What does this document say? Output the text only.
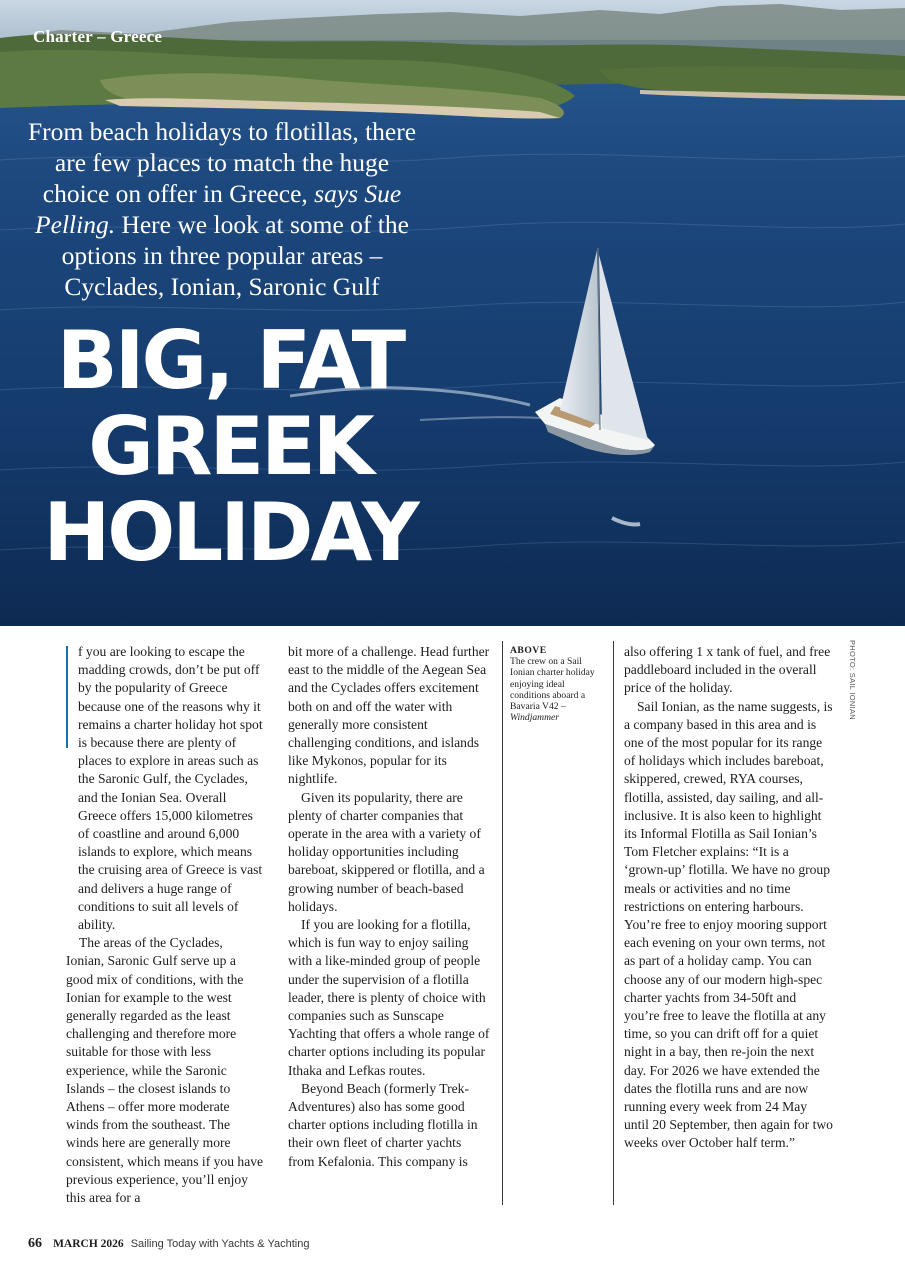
Charter – Greece
From beach holidays to flotillas, there are few places to match the huge choice on offer in Greece, says Sue Pelling. Here we look at some of the options in three popular areas – Cyclades, Ionian, Saronic Gulf
BIG, FAT
GREEK
HOLIDAY

f you are looking to escape the madding crowds, don’t be put off by the popularity of Greece because one of the reasons why it remains a charter holiday hot spot is because there are plenty of places to explore in areas such as the Saronic Gulf, the Cyclades, and the Ionian Sea. Overall Greece offers 15,000 kilometres of coastline and around 6,000 islands to explore, which means the cruising area of Greece is vast and delivers a huge range of conditions to suit all levels of ability.

The areas of the Cyclades, Ionian, Saronic Gulf serve up a good mix of conditions, with the Ionian for example to the west generally regarded as the least challenging and therefore more suitable for those with less experience, while the Saronic Islands – the closest islands to Athens – offer more moderate winds from the southeast. The winds here are generally more consistent, which means if you have previous experience, you’ll enjoy this area for a

bit more of a challenge. Head further east to the middle of the Aegean Sea and the Cyclades offers excitement both on and off the water with generally more consistent challenging conditions, and islands like Mykonos, popular for its nightlife.

Given its popularity, there are plenty of charter companies that operate in the area with a variety of holiday opportunities including bareboat, skippered or flotilla, and a growing number of beach-based holidays.

If you are looking for a flotilla, which is fun way to enjoy sailing with a like-minded group of people under the supervision of a flotilla leader, there is plenty of choice with companies such as Sunscape Yachting that offers a whole range of charter options including its popular Ithaka and Lefkas routes.

Beyond Beach (formerly Trek-Adventures) also has some good charter options including flotilla in their own fleet of charter yachts from Kefalonia. This company is

ABOVE
The crew on a Sail Ionian charter holiday enjoying ideal conditions aboard a Bavaria V42 – Windjammer

also offering 1 x tank of fuel, and free paddleboard included in the overall price of the holiday.

Sail Ionian, as the name suggests, is a company based in this area and is one of the most popular for its range of holidays which includes bareboat, skippered, crewed, RYA courses, flotilla, assisted, day sailing, and all-inclusive. It is also keen to highlight its Informal Flotilla as Sail Ionian’s Tom Fletcher explains: “It is a ‘grown-up’ flotilla. We have no group meals or activities and no time restrictions on entering harbours. You’re free to enjoy mooring support each evening on your own terms, not as part of a holiday camp. You can choose any of our modern high-spec charter yachts from 34-50ft and you’re free to leave the flotilla at any time, so you can drift off for a quiet night in a bay, then re-join the next day. For 2026 we have extended the dates the flotilla runs and are now running every week from 24 May until 20 September, then again for two weeks over October half term.”

PHOTO: SAIL IONIAN
66 MARCH 2026 Sailing Today with Yachts & Yachting
